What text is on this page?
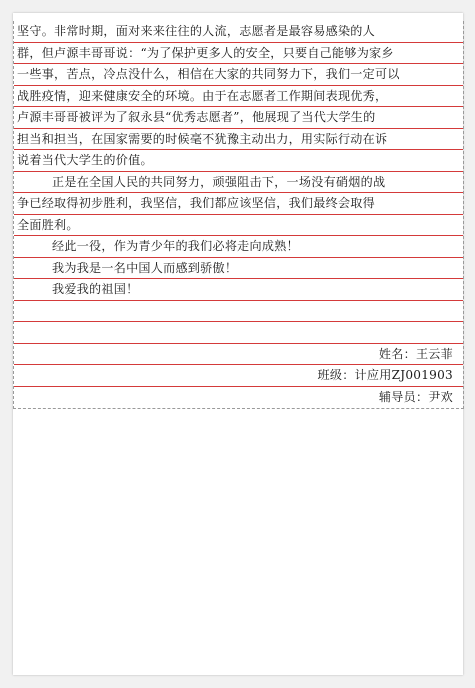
坚守。非常时期，面对来来往往的人流，志愿者是最容易感染的人
群，但卢源丰哥哥说：“为了保护更多人的安全，只要自己能够为家乡
一些事，苦点，冷点没什么，相信在大家的共同努力下，我们一定可以
战胜疫情，迎来健康安全的环境。由于在志愿者工作期间表现优秀，
卢源丰哥哥被评为了叙永县“优秀志愿者”，他展现了当代大学生的
担当和担当，在国家需要的时候毫不犹豫主动出力，用实际行动在诉
说着当代大学生的价值。
正是在全国人民的共同努力，顽强阻击下，一场没有硝烟的战
争已经取得初步胜利，我坚信，我们都应该坚信，我们最终会取得
全面胜利。
经此一役，作为青少年的我们必将走向成熟！
我为我是一名中国人而感到骄傲！
我爱我的祖国！
姓名：王云菲
班级：计应用ZJ001903
辅导员：尹欢
